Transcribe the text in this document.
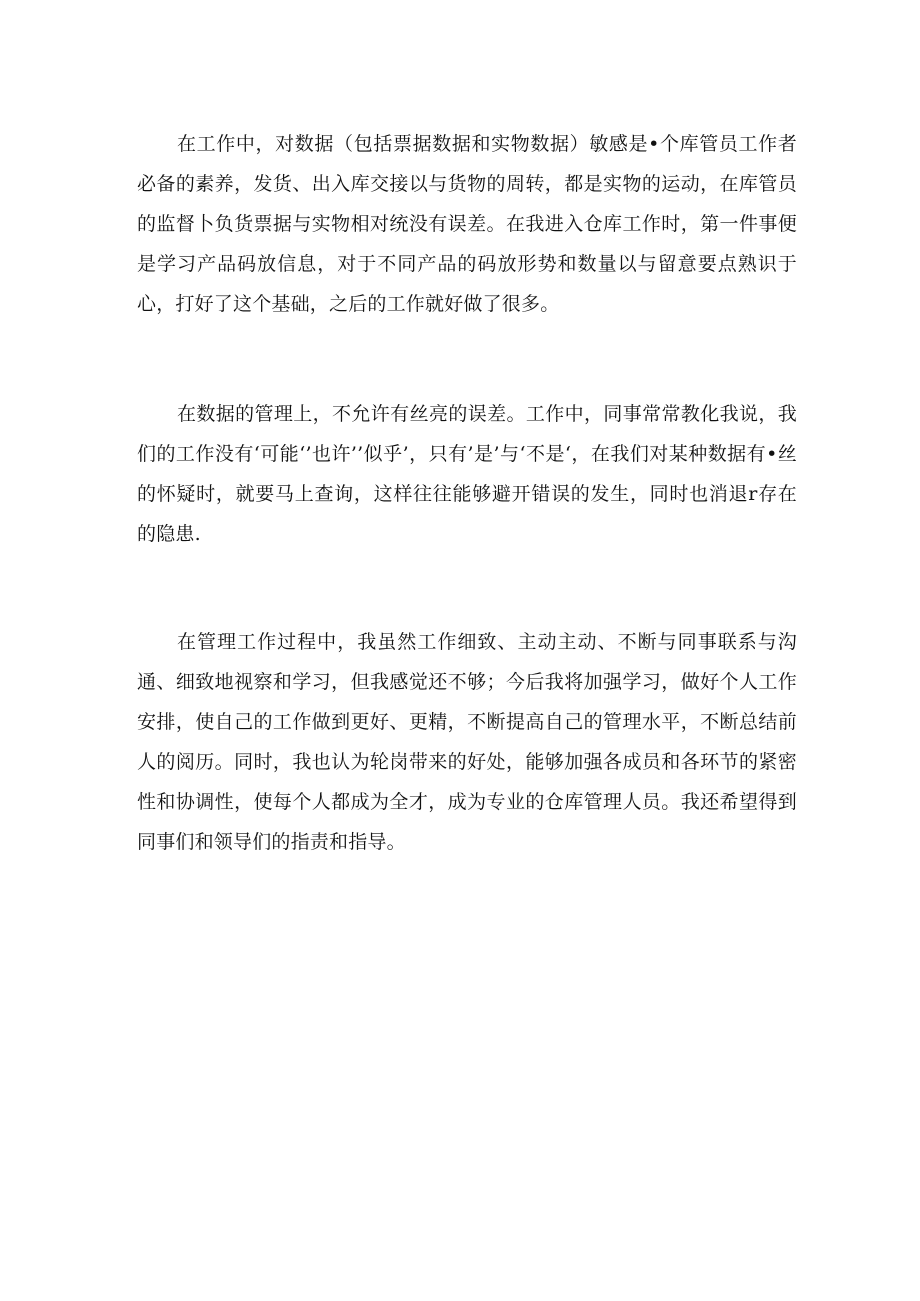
在工作中，对数据（包括票据数据和实物数据）敏感是•个库管员工作者必备的素养，发货、出入库交接以与货物的周转，都是实物的运动，在库管员的监督卜负货票据与实物相对统没有误差。在我进入仓库工作时，第一件事便是学习产品码放信息，对于不同产品的码放形势和数量以与留意要点熟识于心，打好了这个基础，之后的工作就好做了很多。

在数据的管理上，不允许有丝亮的误差。工作中，同事常常教化我说，我们的工作没有‘可能‘’也许’’似乎’，只有’是’与‘不是‘，在我们对某种数据有•丝的怀疑时，就要马上查询，这样往往能够避开错误的发生，同时也消退r存在的隐患.

在管理工作过程中，我虽然工作细致、主动主动、不断与同事联系与沟通、细致地视察和学习，但我感觉还不够；今后我将加强学习，做好个人工作安排，使自己的工作做到更好、更精，不断提高自己的管理水平，不断总结前人的阅历。同时，我也认为轮岗带来的好处，能够加强各成员和各环节的紧密性和协调性，使每个人都成为全才，成为专业的仓库管理人员。我还希望得到同事们和领导们的指责和指导。
